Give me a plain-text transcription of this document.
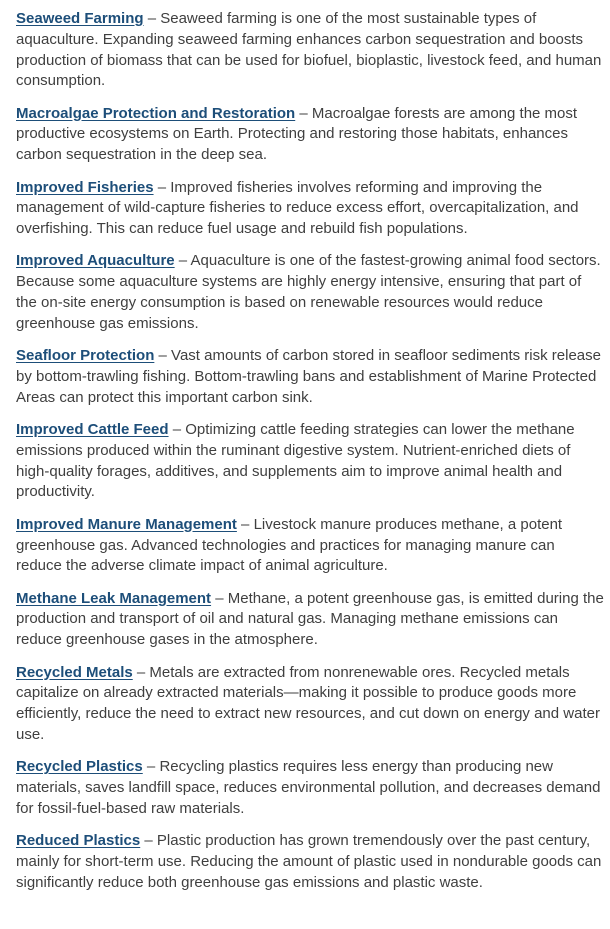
Seaweed Farming – Seaweed farming is one of the most sustainable types of aquaculture. Expanding seaweed farming enhances carbon sequestration and boosts production of biomass that can be used for biofuel, bioplastic, livestock feed, and human consumption.

Macroalgae Protection and Restoration – Macroalgae forests are among the most productive ecosystems on Earth. Protecting and restoring those habitats, enhances carbon sequestration in the deep sea.

Improved Fisheries – Improved fisheries involves reforming and improving the management of wild-capture fisheries to reduce excess effort, overcapitalization, and overfishing. This can reduce fuel usage and rebuild fish populations.

Improved Aquaculture – Aquaculture is one of the fastest-growing animal food sectors. Because some aquaculture systems are highly energy intensive, ensuring that part of the on-site energy consumption is based on renewable resources would reduce greenhouse gas emissions.

Seafloor Protection – Vast amounts of carbon stored in seafloor sediments risk release by bottom-trawling fishing. Bottom-trawling bans and establishment of Marine Protected Areas can protect this important carbon sink.

Improved Cattle Feed – Optimizing cattle feeding strategies can lower the methane emissions produced within the ruminant digestive system. Nutrient-enriched diets of high-quality forages, additives, and supplements aim to improve animal health and productivity.

Improved Manure Management – Livestock manure produces methane, a potent greenhouse gas. Advanced technologies and practices for managing manure can reduce the adverse climate impact of animal agriculture.

Methane Leak Management – Methane, a potent greenhouse gas, is emitted during the production and transport of oil and natural gas. Managing methane emissions can reduce greenhouse gases in the atmosphere.

Recycled Metals – Metals are extracted from nonrenewable ores. Recycled metals capitalize on already extracted materials—making it possible to produce goods more efficiently, reduce the need to extract new resources, and cut down on energy and water use.

Recycled Plastics – Recycling plastics requires less energy than producing new materials, saves landfill space, reduces environmental pollution, and decreases demand for fossil-fuel-based raw materials.

Reduced Plastics – Plastic production has grown tremendously over the past century, mainly for short-term use. Reducing the amount of plastic used in nondurable goods can significantly reduce both greenhouse gas emissions and plastic waste.
